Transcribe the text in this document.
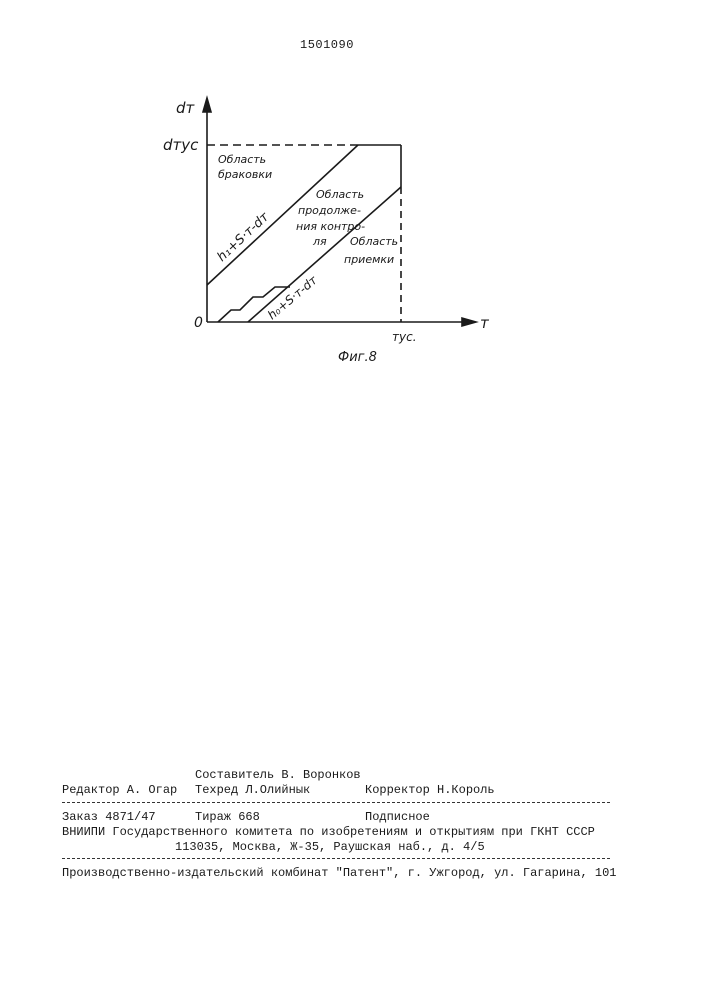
1501090
dт
dтус
0	т
тус.
Область браковки
Область продолже- ния контро- ля	Область приемки
h₁+S·т-dт
h₀+S·т-dт
Фиг.8
Составитель В. Воронков
Редактор А. Огар Техред Л.Олийнык	Корректор Н.Король
Заказ 4871/47	Тираж 668	Подписное
ВНИИПИ Государственного комитета по изобретениям и открытиям при ГКНТ СССР
113035, Москва, Ж-35, Раушская наб., д. 4/5
Производственно-издательский комбинат "Патент", г. Ужгород, ул. Гагарина, 101
